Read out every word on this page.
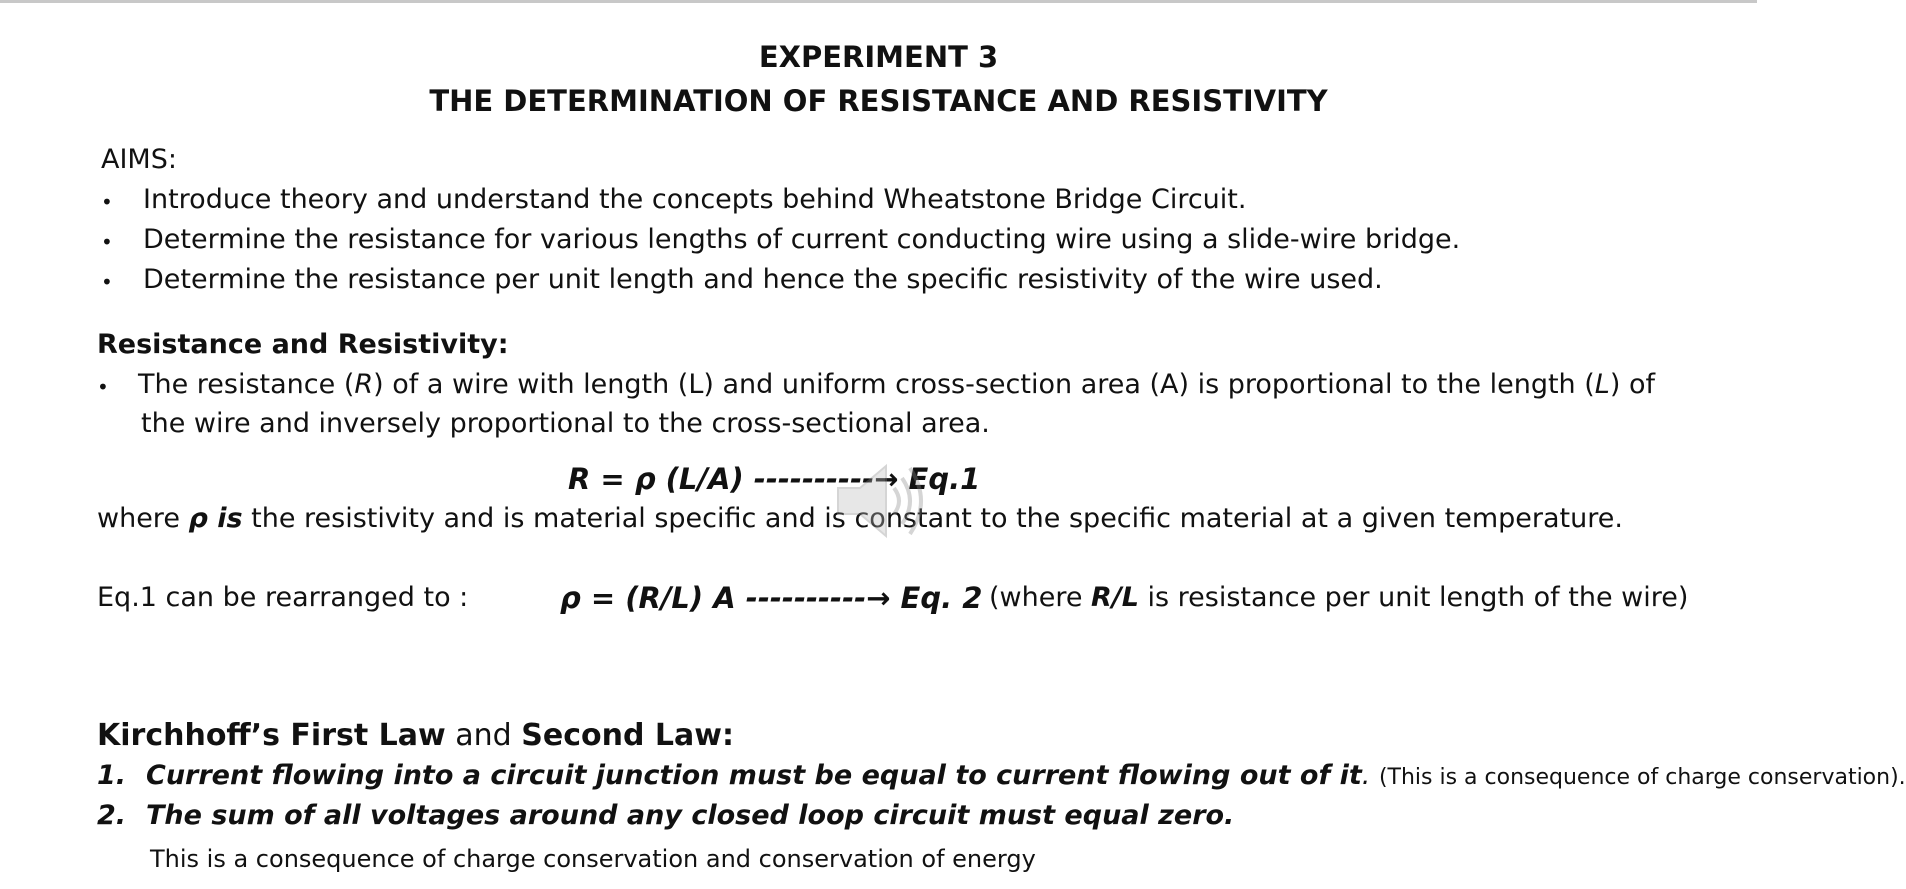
EXPERIMENT 3
THE DETERMINATION OF RESISTANCE AND RESISTIVITY
AIMS:
• Introduce theory and understand the concepts behind Wheatstone Bridge Circuit.
• Determine the resistance for various lengths of current conducting wire using a slide-wire bridge.
• Determine the resistance per unit length and hence the specific resistivity of the wire used.
Resistance and Resistivity:
• The resistance (R) of a wire with length (L) and uniform cross-section area (A) is proportional to the length (L) of
the wire and inversely proportional to the cross-sectional area.
R = ρ (L/A) ----------→ Eq.1
where ρ is the resistivity and is material specific and is constant to the specific material at a given temperature.
Eq.1 can be rearranged to :	ρ = (R/L) A ----------→ Eq. 2 (where R/L is resistance per unit length of the wire)
Kirchhoff’s First Law and Second Law:
1. Current flowing into a circuit junction must be equal to current flowing out of it. (This is a consequence of charge conservation).
2. The sum of all voltages around any closed loop circuit must equal zero.
This is a consequence of charge conservation and conservation of energy
